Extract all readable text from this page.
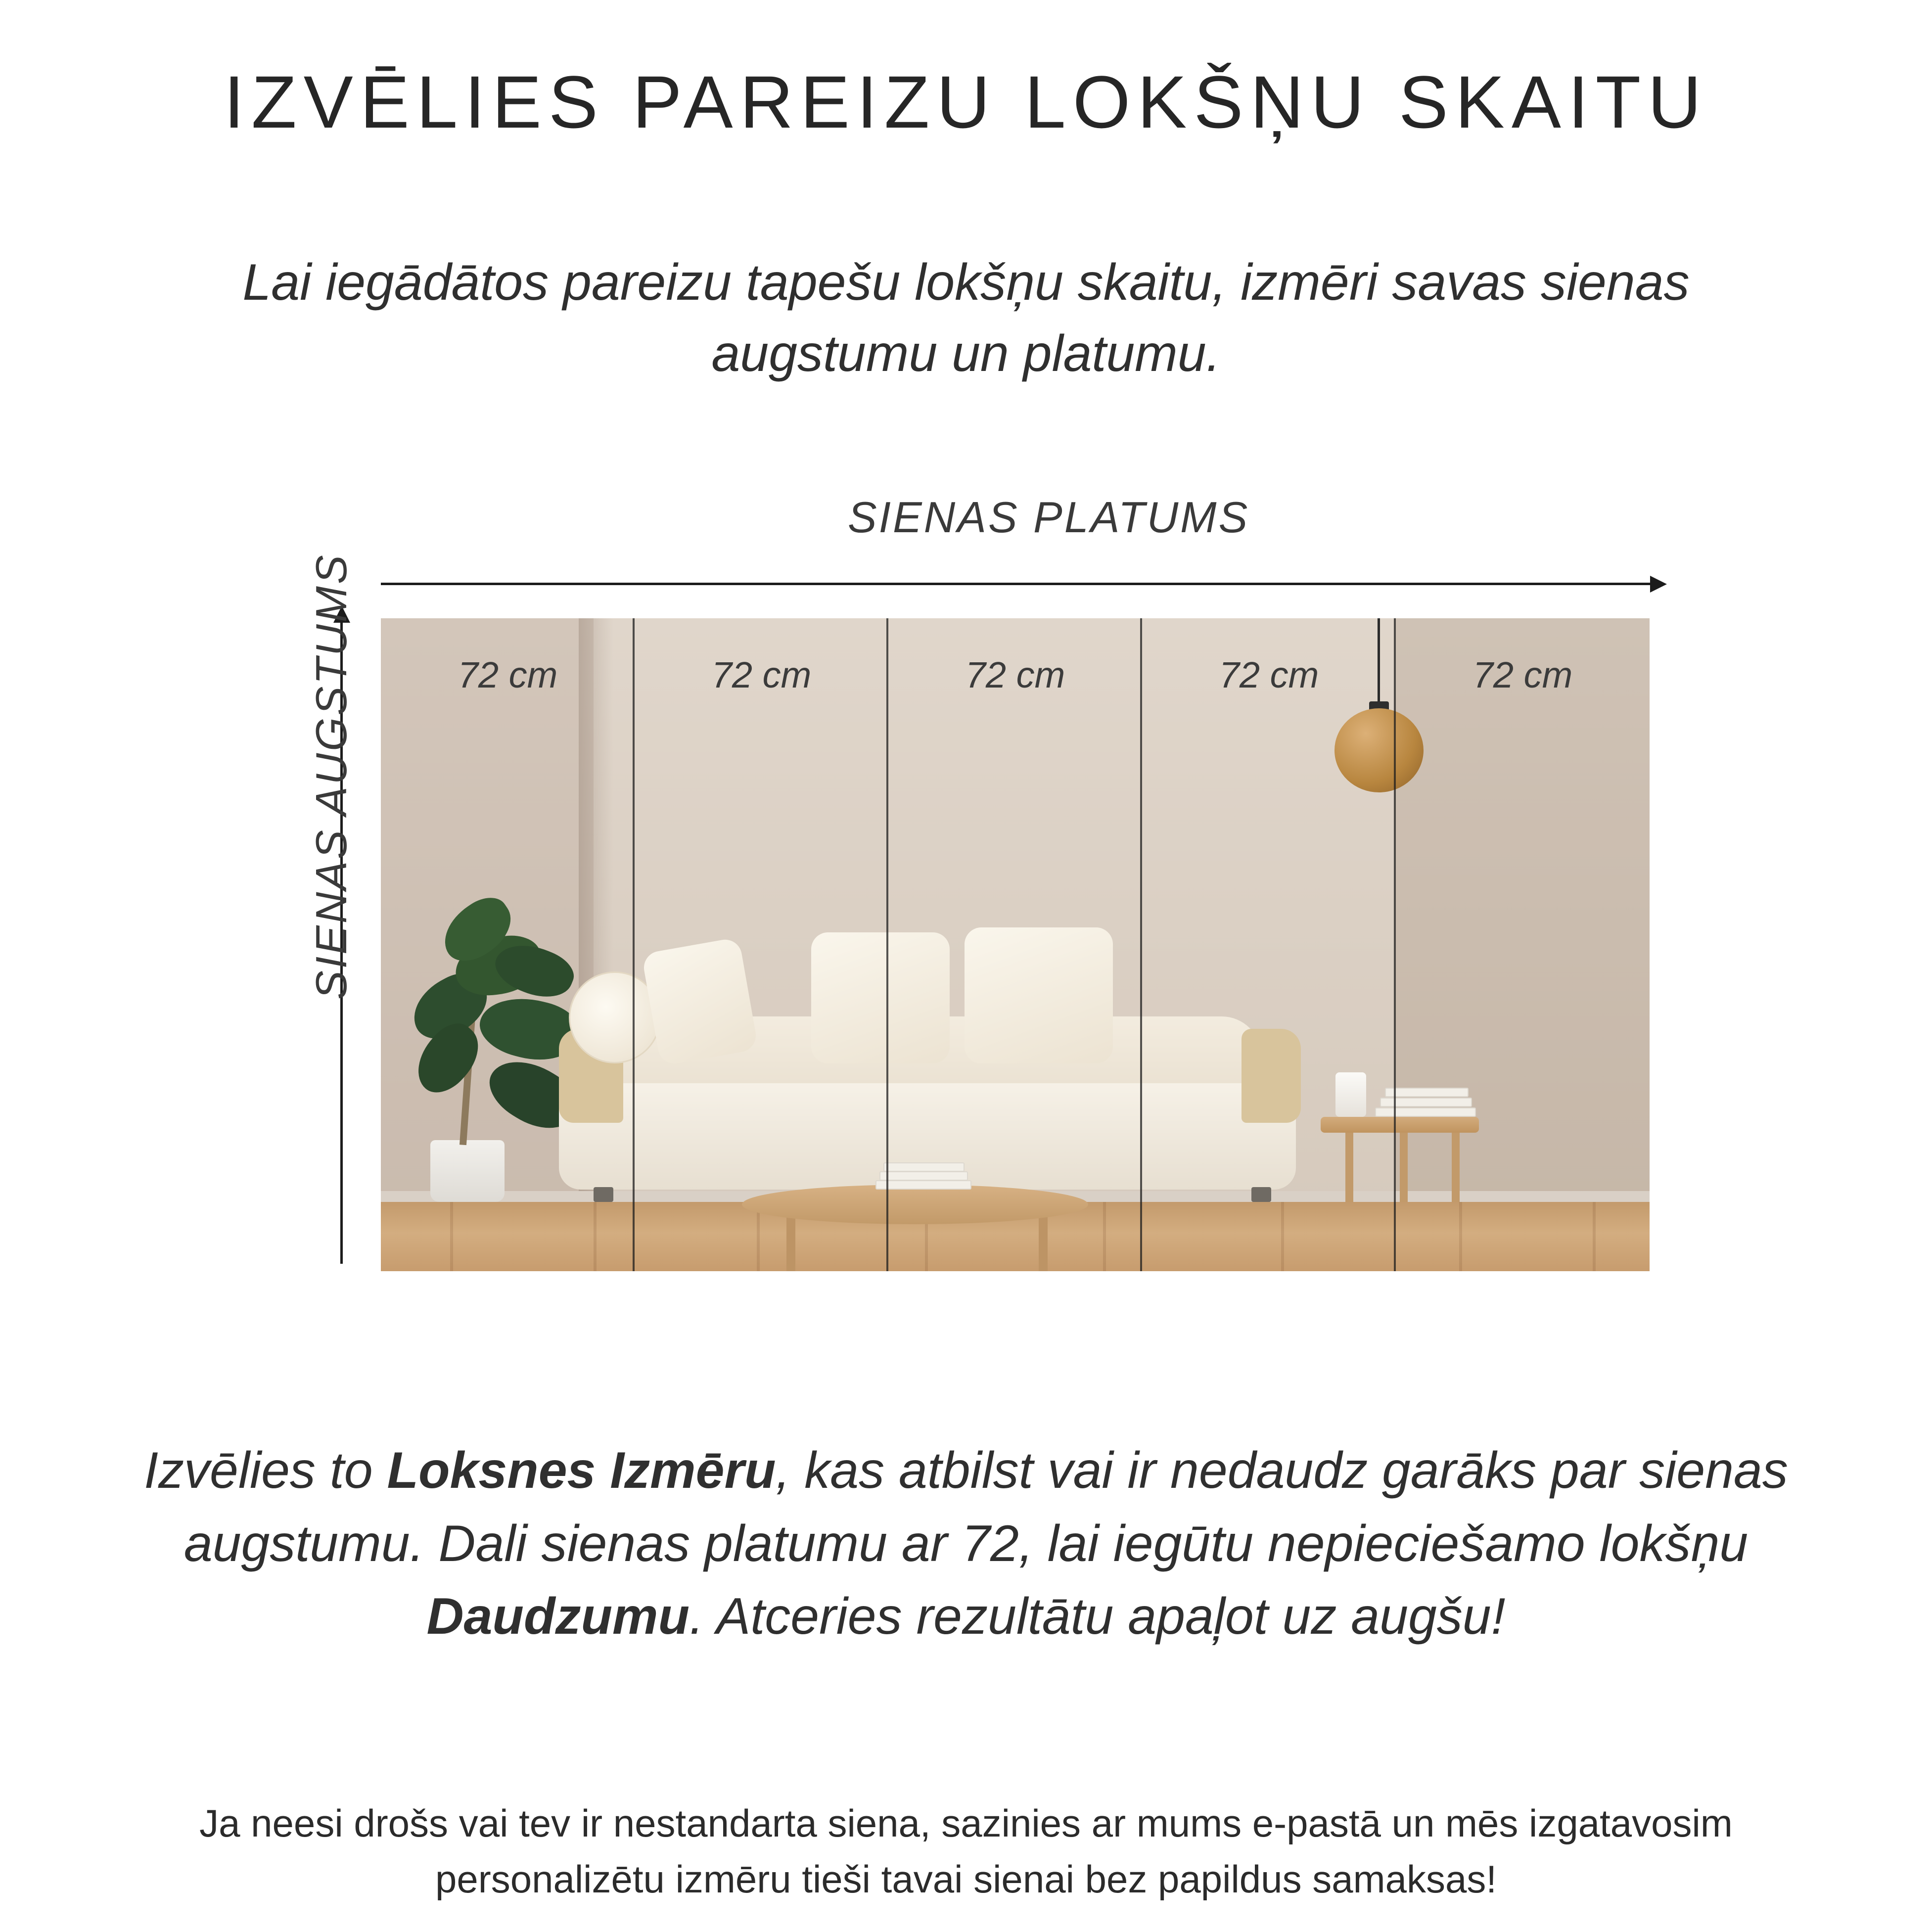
IZVĒLIES PAREIZU LOKŠŅU SKAITU
Lai iegādātos pareizu tapešu lokšņu skaitu, izmēri savas sienas augstumu un platumu.
SIENAS PLATUMS
SIENAS AUGSTUMS	72 cm	72 cm	72 cm	72 cm	72 cm
Izvēlies to Loksnes Izmēru, kas atbilst vai ir nedaudz garāks par sienas augstumu. Dali sienas platumu ar 72, lai iegūtu nepieciešamo lokšņu Daudzumu. Atceries rezultātu apaļot uz augšu!
Ja neesi drošs vai tev ir nestandarta siena, sazinies ar mums e-pastā un mēs izgatavosim personalizētu izmēru tieši tavai sienai bez papildus samaksas!
